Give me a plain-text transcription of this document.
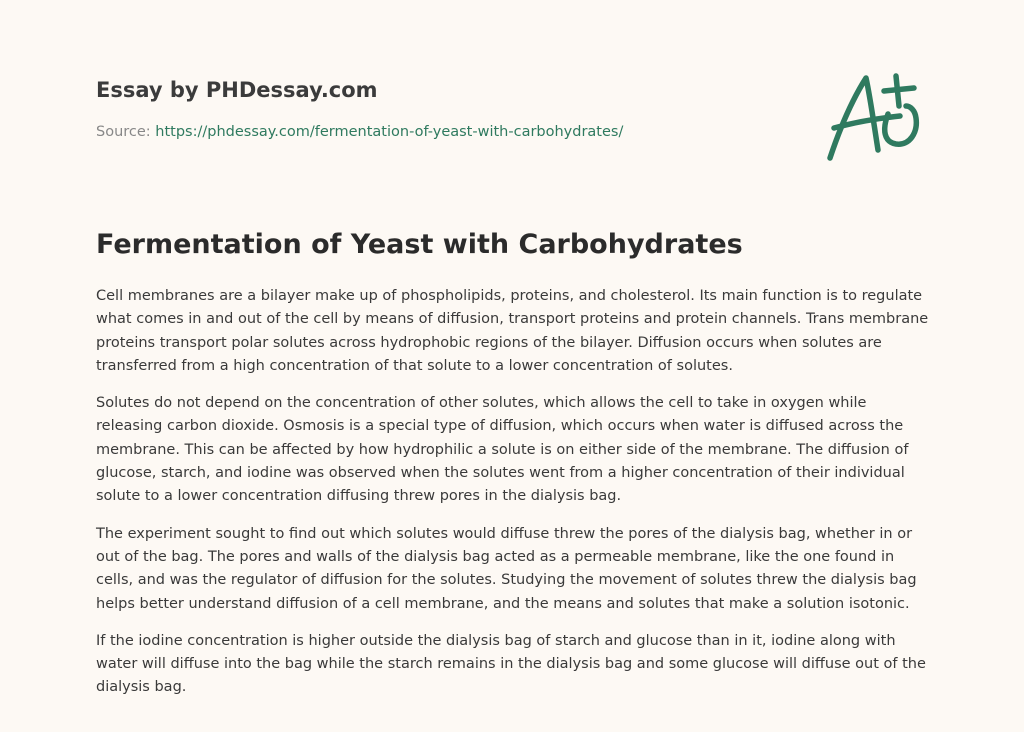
Essay by PHDessay.com
Source: https://phdessay.com/fermentation-of-yeast-with-carbohydrates/
Fermentation of Yeast with Carbohydrates

Cell membranes are a bilayer make up of phospholipids, proteins, and cholesterol. Its main function is to regulate what comes in and out of the cell by means of diffusion, transport proteins and protein channels. Trans membrane proteins transport polar solutes across hydrophobic regions of the bilayer. Diffusion occurs when solutes are transferred from a high concentration of that solute to a lower concentration of solutes.

Solutes do not depend on the concentration of other solutes, which allows the cell to take in oxygen while releasing carbon dioxide. Osmosis is a special type of diffusion, which occurs when water is diffused across the membrane. This can be affected by how hydrophilic a solute is on either side of the membrane. The diffusion of glucose, starch, and iodine was observed when the solutes went from a higher concentration of their individual solute to a lower concentration diffusing threw pores in the dialysis bag.

The experiment sought to find out which solutes would diffuse threw the pores of the dialysis bag, whether in or out of the bag. The pores and walls of the dialysis bag acted as a permeable membrane, like the one found in cells, and was the regulator of diffusion for the solutes. Studying the movement of solutes threw the dialysis bag helps better understand diffusion of a cell membrane, and the means and solutes that make a solution isotonic.

If the iodine concentration is higher outside the dialysis bag of starch and glucose than in it, iodine along with water will diffuse into the bag while the starch remains in the dialysis bag and some glucose will diffuse out of the dialysis bag.
